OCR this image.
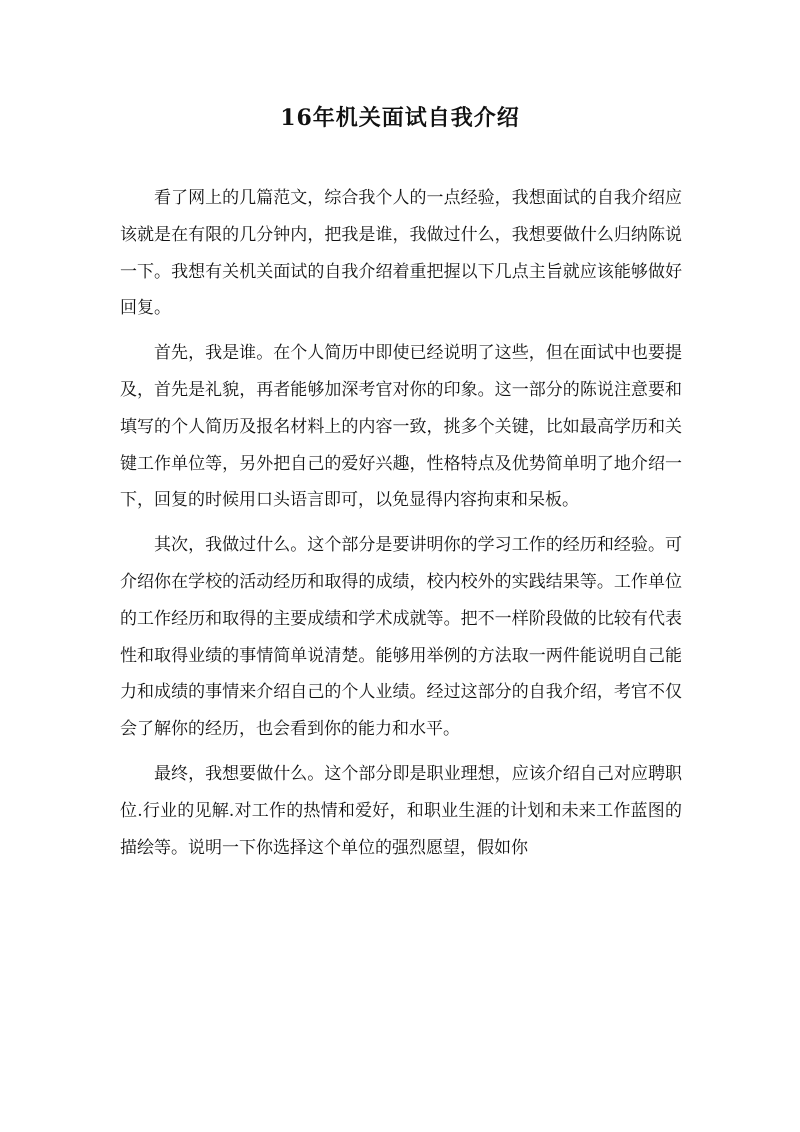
16年机关面试自我介绍

看了网上的几篇范文，综合我个人的一点经验，我想面试的自我介绍应该就是在有限的几分钟内，把我是谁，我做过什么，我想要做什么归纳陈说一下。我想有关机关面试的自我介绍着重把握以下几点主旨就应该能够做好回复。

首先，我是谁。在个人简历中即使已经说明了这些，但在面试中也要提及，首先是礼貌，再者能够加深考官对你的印象。这一部分的陈说注意要和填写的个人简历及报名材料上的内容一致，挑多个关键，比如最高学历和关键工作单位等，另外把自己的爱好兴趣，性格特点及优势简单明了地介绍一下，回复的时候用口头语言即可，以免显得内容拘束和呆板。

其次，我做过什么。这个部分是要讲明你的学习工作的经历和经验。可介绍你在学校的活动经历和取得的成绩，校内校外的实践结果等。工作单位的工作经历和取得的主要成绩和学术成就等。把不一样阶段做的比较有代表性和取得业绩的事情简单说清楚。能够用举例的方法取一两件能说明自己能力和成绩的事情来介绍自己的个人业绩。经过这部分的自我介绍，考官不仅会了解你的经历，也会看到你的能力和水平。

最终，我想要做什么。这个部分即是职业理想，应该介绍自己对应聘职位.行业的见解.对工作的热情和爱好，和职业生涯的计划和未来工作蓝图的描绘等。说明一下你选择这个单位的强烈愿望，假如你
